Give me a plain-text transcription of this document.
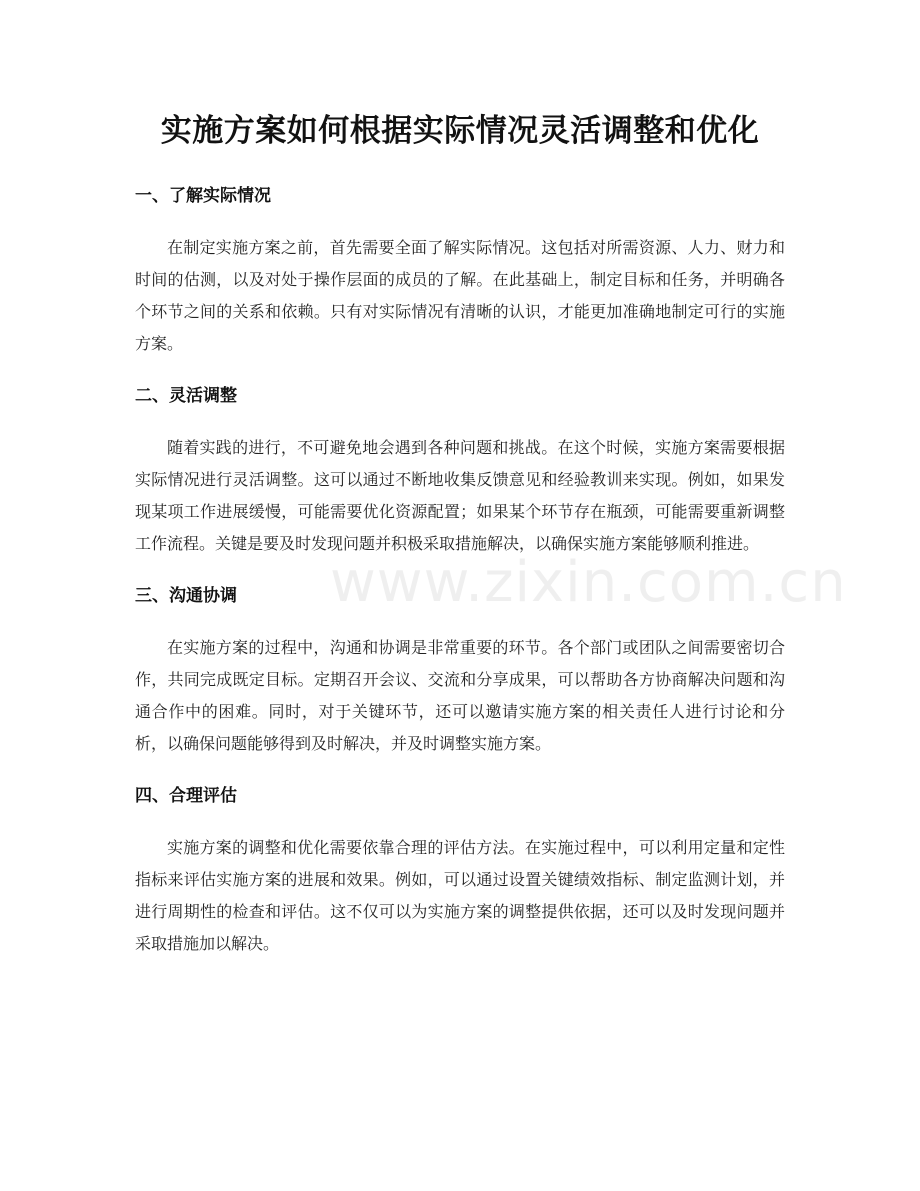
实施方案如何根据实际情况灵活调整和优化
一、了解实际情况

在制定实施方案之前，首先需要全面了解实际情况。这包括对所需资源、人力、财力和时间的估测，以及对处于操作层面的成员的了解。在此基础上，制定目标和任务，并明确各个环节之间的关系和依赖。只有对实际情况有清晰的认识，才能更加准确地制定可行的实施方案。

二、灵活调整

随着实践的进行，不可避免地会遇到各种问题和挑战。在这个时候，实施方案需要根据实际情况进行灵活调整。这可以通过不断地收集反馈意见和经验教训来实现。例如，如果发现某项工作进展缓慢，可能需要优化资源配置；如果某个环节存在瓶颈，可能需要重新调整工作流程。关键是要及时发现问题并积极采取措施解决，以确保实施方案能够顺利推进。

三、沟通协调

在实施方案的过程中，沟通和协调是非常重要的环节。各个部门或团队之间需要密切合作，共同完成既定目标。定期召开会议、交流和分享成果，可以帮助各方协商解决问题和沟通合作中的困难。同时，对于关键环节，还可以邀请实施方案的相关责任人进行讨论和分析，以确保问题能够得到及时解决，并及时调整实施方案。

四、合理评估

实施方案的调整和优化需要依靠合理的评估方法。在实施过程中，可以利用定量和定性指标来评估实施方案的进展和效果。例如，可以通过设置关键绩效指标、制定监测计划，并进行周期性的检查和评估。这不仅可以为实施方案的调整提供依据，还可以及时发现问题并采取措施加以解决。

www.zixin.com.cn
